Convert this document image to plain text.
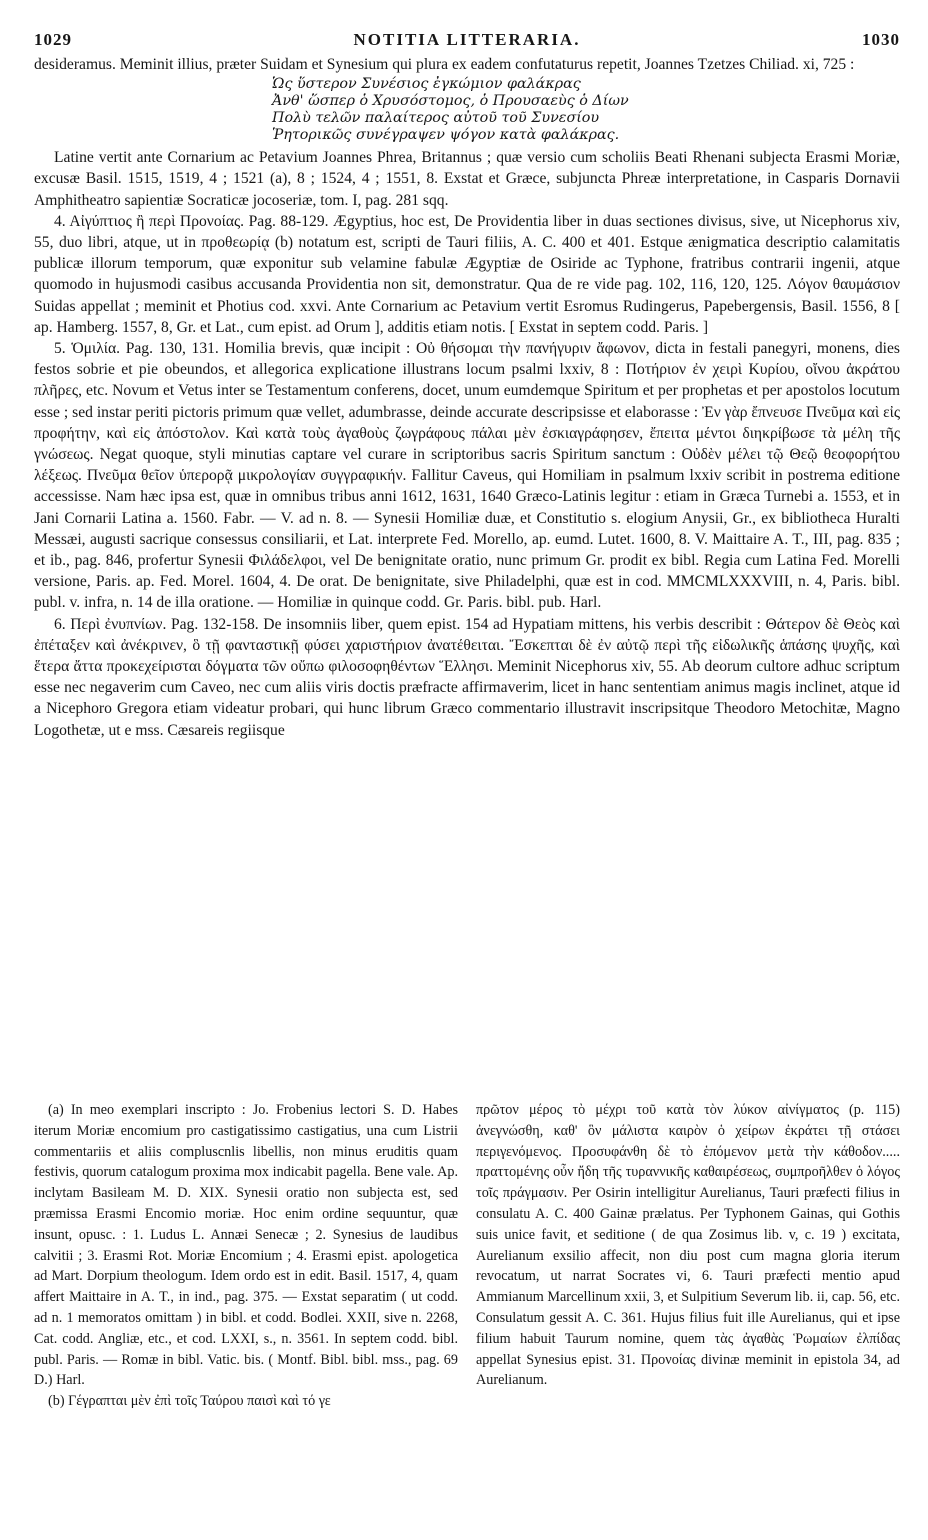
1029	NOTITIA LITTERARIA.	1030

desideramus. Meminit illius, præter Suidam et Synesium qui plura ex eadem confutaturus repetit, Joannes Tzetzes Chiliad. xi, 725 :

Ὡς ὕστερον Συνέσιος ἐγκώμιον φαλάκρας
Ἀνθ' ὥσπερ ὁ Χρυσόστομος, ὁ Προυσαεὺς ὁ Δίων
Πολὺ τελῶν παλαίτερος αὐτοῦ τοῦ Συνεσίου
Ῥητορικῶς συνέγραψεν ψόγον κατὰ φαλάκρας.

Latine vertit ante Cornarium ac Petavium Joannes Phrea, Britannus ; quæ versio cum scholiis Beati Rhenani subjecta Erasmi Moriæ, excusæ Basil. 1515, 1519, 4 ; 1521 (a), 8 ; 1524, 4 ; 1551, 8. Exstat et Græce, subjuncta Phreæ interpretatione, in Casparis Dornavii Amphitheatro sapientiæ Socraticæ jocoseriæ, tom. I, pag. 281 sqq.

4. Αἰγύπτιος ἢ περὶ Προνοίας. Pag. 88-129. Ægyptius, hoc est, De Providentia liber in duas sectiones divisus, sive, ut Nicephorus xiv, 55, duo libri, atque, ut in προθεωρίᾳ (b) notatum est, scripti de Tauri filiis, A. C. 400 et 401. Estque ænigmatica descriptio calamitatis publicæ illorum temporum, quæ exponitur sub velamine fabulæ Ægyptiæ de Osiride ac Typhone, fratribus contrarii ingenii, atque quomodo in hujusmodi casibus accusanda Providentia non sit, demonstratur. Qua de re vide pag. 102, 116, 120, 125. Λόγον θαυμάσιον Suidas appellat ; meminit et Photius cod. xxvi. Ante Cornarium ac Petavium vertit Esromus Rudingerus, Papebergensis, Basil. 1556, 8 [ ap. Hamberg. 1557, 8, Gr. et Lat., cum epist. ad Orum ], additis etiam notis. [ Exstat in septem codd. Paris. ]

5. Ὁμιλία. Pag. 130, 131. Homilia brevis, quæ incipit : Οὐ θήσομαι τὴν πανήγυριν ἄφωνον, dicta in festali panegyri, monens, dies festos sobrie et pie obeundos, et allegorica explicatione illustrans locum psalmi lxxiv, 8 : Ποτήριον ἐν χειρὶ Κυρίου, οἴνου ἀκράτου πλῆρες, etc. Novum et Vetus inter se Testamentum conferens, docet, unum eumdemque Spiritum et per prophetas et per apostolos locutum esse ; sed instar periti pictoris primum quæ vellet, adumbrasse, deinde accurate descripsisse et elaborasse : Ἐν γὰρ ἔπνευσε Πνεῦμα καὶ εἰς προφήτην, καὶ εἰς ἀπόστολον. Καὶ κατὰ τοὺς ἀγαθοὺς ζωγράφους πάλαι μὲν ἐσκιαγράφησεν, ἔπειτα μέντοι διηκρίβωσε τὰ μέλη τῆς γνώσεως. Negat quoque, styli minutias captare vel curare in scriptoribus sacris Spiritum sanctum : Οὐδὲν μέλει τῷ Θεῷ θεοφορήτου λέξεως. Πνεῦμα θεῖον ὑπερορᾷ μικρολογίαν συγγραφικήν. Fallitur Caveus, qui Homiliam in psalmum lxxiv scribit in postrema editione accessisse. Nam hæc ipsa est, quæ in omnibus tribus anni 1612, 1631, 1640 Græco-Latinis legitur : etiam in Græca Turnebi a. 1553, et in Jani Cornarii Latina a. 1560. Fabr. — V. ad n. 8. — Synesii Homiliæ duæ, et Constitutio s. elogium Anysii, Gr., ex bibliotheca Huralti Messæi, augusti sacrique consessus consiliarii, et Lat. interprete Fed. Morello, ap. eumd. Lutet. 1600, 8. V. Maittaire A. T., III, pag. 835 ; et ib., pag. 846, profertur Synesii Φιλάδελφοι, vel De benignitate oratio, nunc primum Gr. prodit ex bibl. Regia cum Latina Fed. Morelli versione, Paris. ap. Fed. Morel. 1604, 4. De orat. De benignitate, sive Philadelphi, quæ est in cod. MMCMLXXXVIII, n. 4, Paris. bibl. publ. v. infra, n. 14 de illa oratione. — Homiliæ in quinque codd. Gr. Paris. bibl. pub. Harl.

6. Περὶ ἐνυπνίων. Pag. 132-158. De insomniis liber, quem epist. 154 ad Hypatiam mittens, his verbis describit : Θάτερον δὲ Θεὸς καὶ ἐπέταξεν καὶ ἀνέκρινεν, ὃ τῇ φανταστικῇ φύσει χαριστήριον ἀνατέθειται. Ἔσκεπται δὲ ἐν αὐτῷ περὶ τῆς εἰδωλικῆς ἁπάσης ψυχῆς, καὶ ἕτερα ἄττα προκεχείρισται δόγματα τῶν οὔπω φιλοσοφηθέντων Ἕλλησι. Meminit Nicephorus xiv, 55. Ab deorum cultore adhuc scriptum esse nec negaverim cum Caveo, nec cum aliis viris doctis præfracte affirmaverim, licet in hanc sententiam animus magis inclinet, atque id a Nicephoro Gregora etiam videatur probari, qui hunc librum Græco commentario illustravit inscripsitque Theodoro Metochitæ, Magno Logothetæ, ut e mss. Cæsareis regiisque

(a) In meo exemplari inscripto : Jo. Frobenius lectori S. D. Habes iterum Moriæ encomium pro castigatissimo castigatius, una cum Listrii commentariis et aliis compluscnlis libellis, non minus eruditis quam festivis, quorum catalogum proxima mox indicabit pagella. Bene vale. Ap. inclytam Basileam M. D. XIX. Synesii oratio non subjecta est, sed præmissa Erasmi Encomio moriæ. Hoc enim ordine sequuntur, quæ insunt, opusc. : 1. Ludus L. Annæi Senecæ ; 2. Synesius de laudibus calvitii ; 3. Erasmi Rot. Moriæ Encomium ; 4. Erasmi epist. apologetica ad Mart. Dorpium theologum. Idem ordo est in edit. Basil. 1517, 4, quam affert Maittaire in A. T., in ind., pag. 375. — Exstat separatim ( ut codd. ad n. 1 memoratos omittam ) in bibl. et codd. Bodlei. XXII, sive n. 2268, Cat. codd. Angliæ, etc., et cod. LXXI, s., n. 3561. In septem codd. bibl. publ. Paris. — Romæ in bibl. Vatic. bis. ( Montf. Bibl. bibl. mss., pag. 69 D.) Harl.

(b) Γέγραπται μὲν ἐπὶ τοῖς Ταύρου παισὶ καὶ τό γε

πρῶτον μέρος τὸ μέχρι τοῦ κατὰ τὸν λύκον αἰνίγματος (p. 115) ἀνεγνώσθη, καθ' ὃν μάλιστα καιρὸν ὁ χείρων ἐκράτει τῇ στάσει περιγενόμενος. Προσυφάνθη δὲ τὸ ἑπόμενον μετὰ τὴν κάθοδον..... πραττομένης οὖν ἤδη τῆς τυραννικῆς καθαιρέσεως, συμπροῆλθεν ὁ λόγος τοῖς πράγμασιν. Per Osirin intelligitur Aurelianus, Tauri præfecti filius in consulatu A. C. 400 Gainæ prælatus. Per Typhonem Gainas, qui Gothis suis unice favit, et seditione ( de qua Zosimus lib. v, c. 19 ) excitata, Aurelianum exsilio affecit, non diu post cum magna gloria iterum revocatum, ut narrat Socrates vi, 6. Tauri præfecti mentio apud Ammianum Marcellinum xxii, 3, et Sulpitium Severum lib. ii, cap. 56, etc. Consulatum gessit A. C. 361. Hujus filius fuit ille Aurelianus, qui et ipse filium habuit Taurum nomine, quem τὰς ἀγαθὰς Ῥωμαίων ἐλπίδας appellat Synesius epist. 31. Προνοίας divinæ meminit in epistola 34, ad Aurelianum.
